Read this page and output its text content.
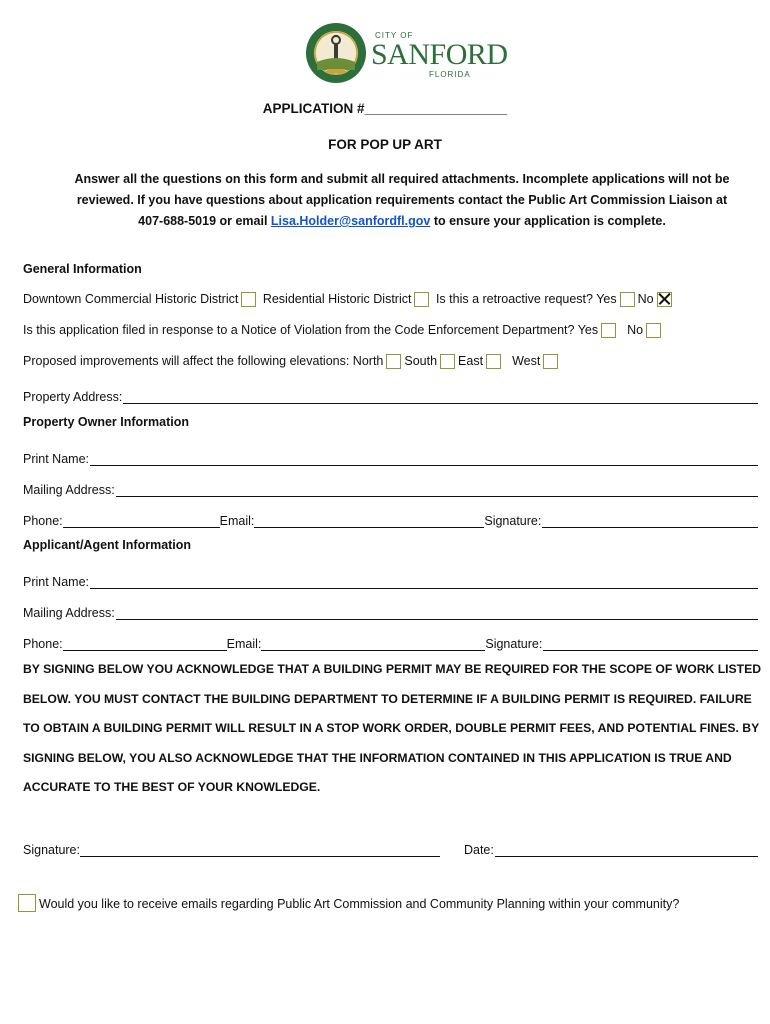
CITY OF
SANFORD
FLORIDA
APPLICATION #___________________
FOR POP UP ART
Answer all the questions on this form and submit all required attachments. Incomplete applications will not be reviewed. If you have questions about application requirements contact the Public Art Commission Liaison at 407-688-5019 or email Lisa.Holder@sanfordfl.gov to ensure your application is complete.
General Information
Downtown Commercial Historic District Residential Historic District Is this a retroactive request? Yes No
Is this application filed in response to a Notice of Violation from the Code Enforcement Department? Yes No
Proposed improvements will affect the following elevations: North South East West
Property Address:
Property Owner Information
Print Name:
Mailing Address:
Phone:	Email:	Signature:
Applicant/Agent Information
Print Name:
Mailing Address:
Phone:	Email:	Signature:
BY SIGNING BELOW YOU ACKNOWLEDGE THAT A BUILDING PERMIT MAY BE REQUIRED FOR THE SCOPE OF WORK LISTED BELOW. YOU MUST CONTACT THE BUILDING DEPARTMENT TO DETERMINE IF A BUILDING PERMIT IS REQUIRED. FAILURE TO OBTAIN A BUILDING PERMIT WILL RESULT IN A STOP WORK ORDER, DOUBLE PERMIT FEES, AND POTENTIAL FINES. BY SIGNING BELOW, YOU ALSO ACKNOWLEDGE THAT THE INFORMATION CONTAINED IN THIS APPLICATION IS TRUE AND ACCURATE TO THE BEST OF YOUR KNOWLEDGE.
Signature:	Date:
Would you like to receive emails regarding Public Art Commission and Community Planning within your community?
